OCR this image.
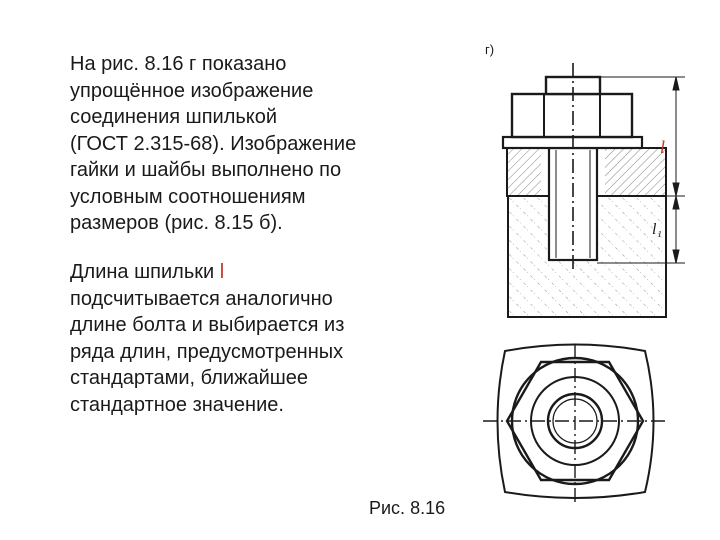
На рис. 8.16 г показано
упрощённое изображение
соединения шпилькой
(ГОСТ 2.315-68). Изображение
гайки и шайбы выполнено по
условным соотношениям
размеров (рис. 8.15 б).

Длина шпильки l
подсчитывается аналогично
длине болта и выбирается из
ряда длин, предусмотренных
стандартами, ближайшее
стандартное значение.

г)
Рис. 8.16
l
l₁
